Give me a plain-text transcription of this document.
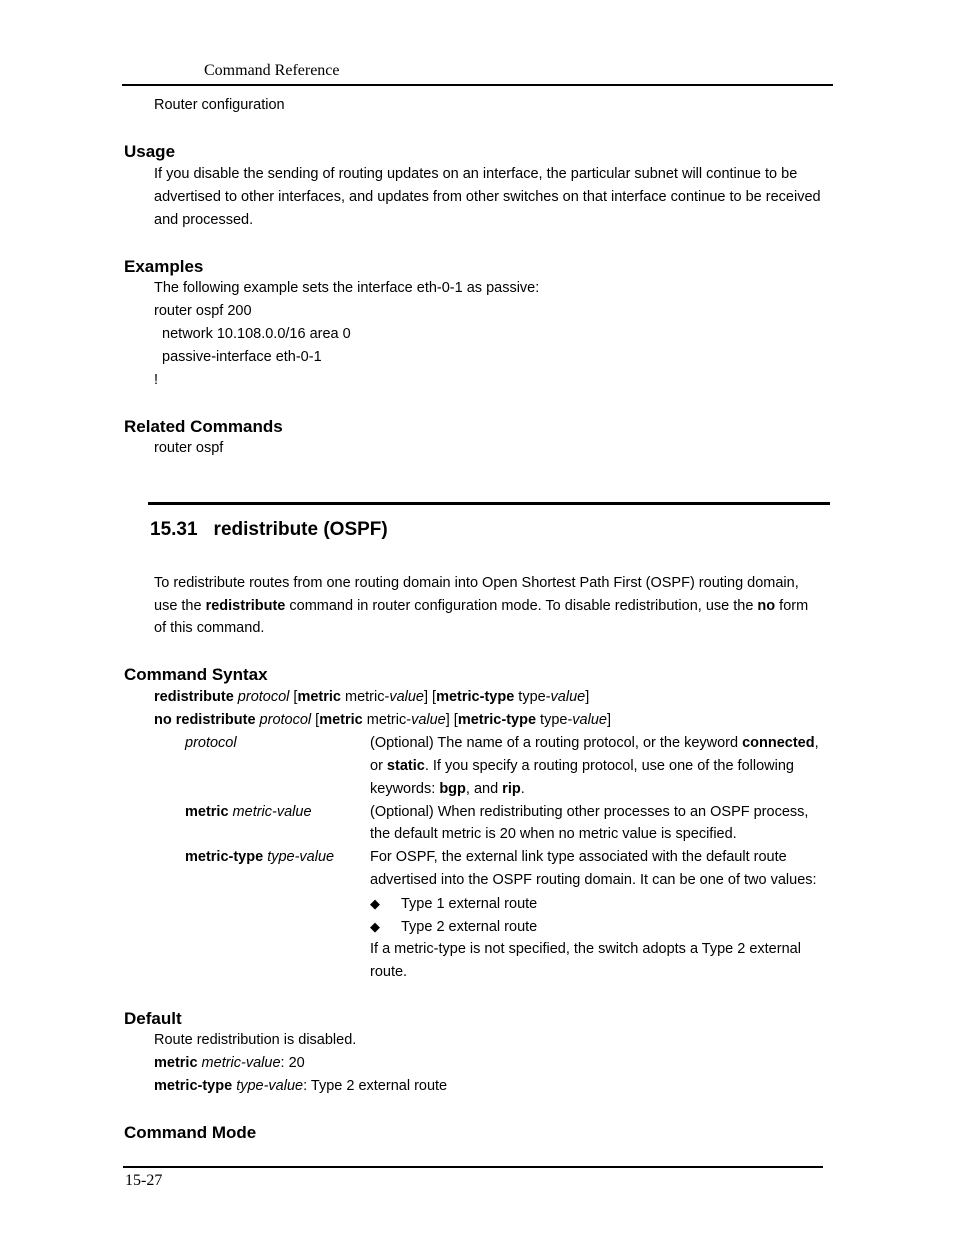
Command Reference
Router configuration
Usage
If you disable the sending of routing updates on an interface, the particular subnet will continue to be
advertised to other interfaces, and updates from other switches on that interface continue to be received
and processed.
Examples
The following example sets the interface eth-0-1 as passive:
router ospf 200
network 10.108.0.0/16 area 0
passive-interface eth-0-1
!
Related Commands
router ospf
15.31 redistribute (OSPF)
To redistribute routes from one routing domain into Open Shortest Path First (OSPF) routing domain,
use the redistribute command in router configuration mode. To disable redistribution, use the no form
of this command.
Command Syntax
redistribute protocol [metric metric-value] [metric-type type-value]
no redistribute protocol [metric metric-value] [metric-type type-value]
protocol	(Optional) The name of a routing protocol, or the keyword connected,
or static. If you specify a routing protocol, use one of the following
keywords: bgp, and rip.
metric metric-value	(Optional) When redistributing other processes to an OSPF process,
the default metric is 20 when no metric value is specified.
metric-type type-value For OSPF, the external link type associated with the default route
advertised into the OSPF routing domain. It can be one of two values:
◆ Type 1 external route
◆ Type 2 external route
If a metric-type is not specified, the switch adopts a Type 2 external
route.
Default
Route redistribution is disabled.
metric metric-value: 20
metric-type type-value: Type 2 external route
Command Mode
15-27
